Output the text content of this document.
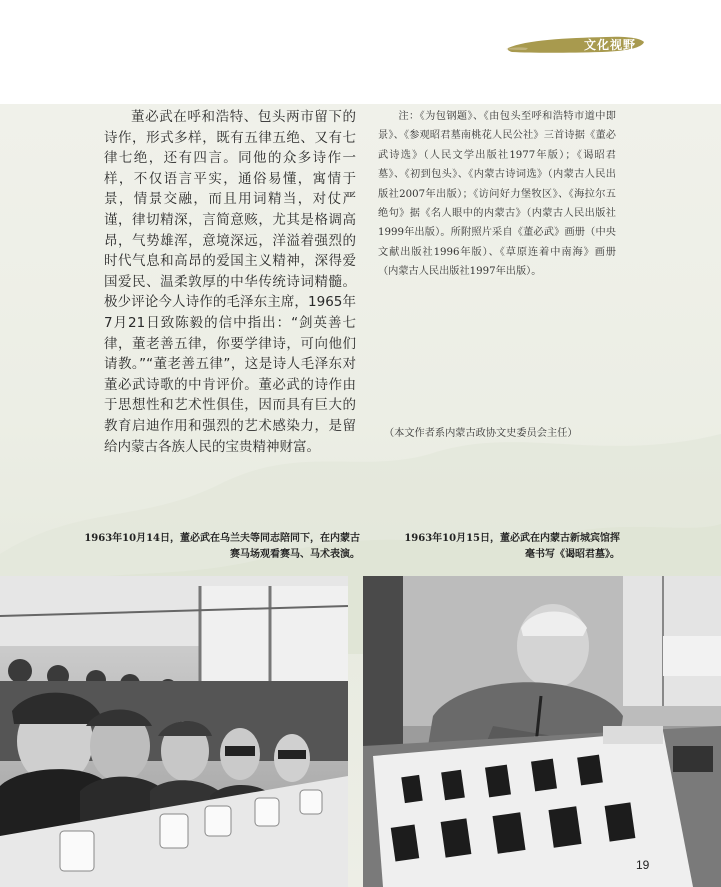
文化视野

董必武在呼和浩特、包头两市留下的诗作，形式多样，既有五律五绝、又有七律七绝，还有四言。同他的众多诗作一样，不仅语言平实，通俗易懂，寓情于景，情景交融，而且用词精当，对仗严谨，律切精深，言简意赅，尤其是格调高昂，气势雄浑，意境深远，洋溢着强烈的时代气息和高昂的爱国主义精神，深得爱国爱民、温柔敦厚的中华传统诗词精髓。极少评论今人诗作的毛泽东主席，1965年7月21日致陈毅的信中指出：“剑英善七律，董老善五律，你要学律诗，可向他们请教。”“董老善五律”，这是诗人毛泽东对董必武诗歌的中肯评价。董必武的诗作由于思想性和艺术性俱佳，因而具有巨大的教育启迪作用和强烈的艺术感染力，是留给内蒙古各族人民的宝贵精神财富。

注：《为包钢题》、《由包头至呼和浩特市道中即景》、《参观昭君墓南桃花人民公社》三首诗据《董必武诗选》（人民文学出版社1977年版）；《谒昭君墓》、《初到包头》、《内蒙古诗词选》（内蒙古人民出版社2007年出版）；《访问好力堡牧区》、《海拉尔五绝句》据《名人眼中的内蒙古》（内蒙古人民出版社1999年出版）。所附照片采自《董必武》画册（中央文献出版社1996年版）、《草原连着中南海》画册（内蒙古人民出版社1997年出版）。

（本文作者系内蒙古政协文史委员会主任）
1963年10月14日，董必武在乌兰夫等同志陪同下，在内蒙古赛马场观看赛马、马术表演。
1963年10月15日，董必武在内蒙古新城宾馆挥毫书写《谒昭君墓》。
19
